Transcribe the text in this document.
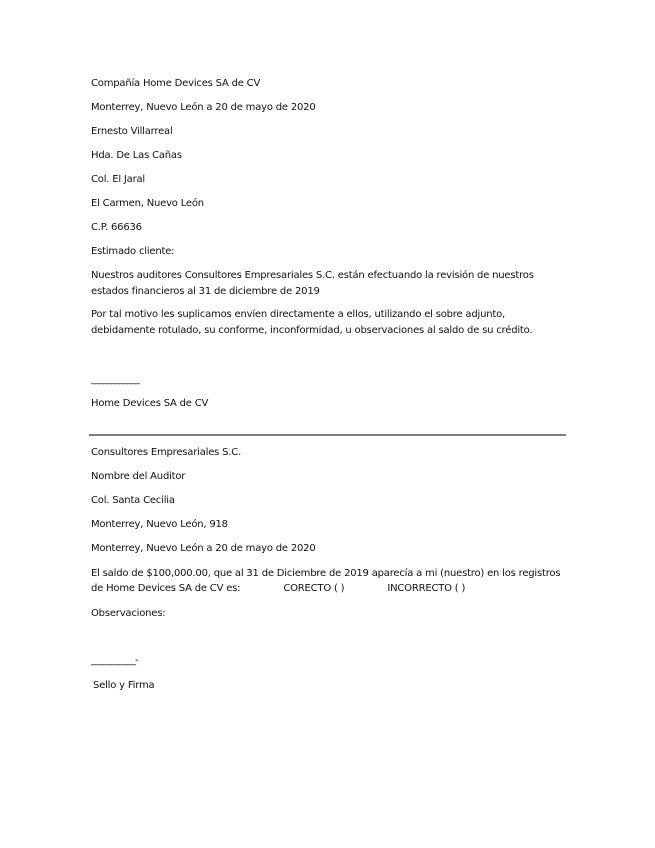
Compañía Home Devices SA de CV
Monterrey, Nuevo León a 20 de mayo de 2020
Ernesto Villarreal
Hda. De Las Cañas
Col. El Jaral
El Carmen, Nuevo León
C.P. 66636
Estimado cliente:
Nuestros auditores Consultores Empresariales S.C. están efectuando la revisión de nuestros estados financieros al 31 de diciembre de 2019
Por tal motivo les suplicamos envíen directamente a ellos, utilizando el sobre adjunto, debidamente rotulado, su conforme, inconformidad, u observaciones al saldo de su crédito.
____________
Home Devices SA de CV
Consultores Empresariales S.C.
Nombre del Auditor
Col. Santa Cecilia
Monterrey, Nuevo León, 918
Monterrey, Nuevo León a 20 de mayo de 2020
El saldo de $100,000.00, que al 31 de Diciembre de 2019 aparecía a mi (nuestro) en los registros
de Home Devices SA de CV es:	CORECTO ( )	INCORRECTO ( )
Observaciones:
___________-
Sello y Firma
